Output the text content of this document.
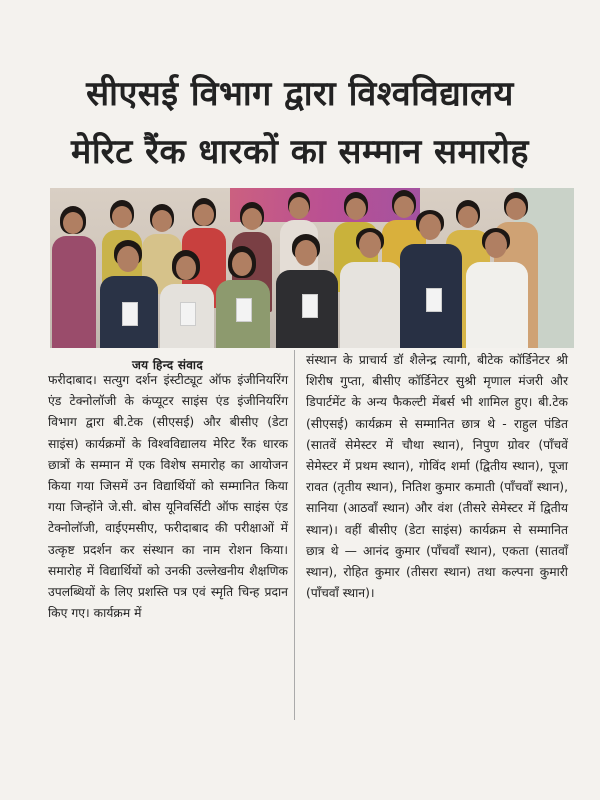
सीएसई विभाग द्वारा विश्वविद्यालय
मेरिट रैंक धारकों का सम्मान समारोह
जय हिन्द संवाद

फरीदाबाद। सत्युग दर्शन इंस्टीट्यूट ऑफ इंजीनियरिंग एंड टेक्नोलॉजी के कंप्यूटर साइंस एंड इंजीनियरिंग विभाग द्वारा बी.टेक (सीएसई) और बीसीए (डेटा साइंस) कार्यक्रमों के विश्वविद्यालय मेरिट रैंक धारक छात्रों के सम्मान में एक विशेष समारोह का आयोजन किया गया जिसमें उन विद्यार्थियों को सम्मानित किया गया जिन्होंने जे.सी. बोस यूनिवर्सिटी ऑफ साइंस एंड टेक्नोलॉजी, वाईएमसीए, फरीदाबाद की परीक्षाओं में उत्कृष्ट प्रदर्शन कर संस्थान का नाम रोशन किया। समारोह में विद्यार्थियों को उनकी उल्लेखनीय शैक्षणिक उपलब्धियों के लिए प्रशस्ति पत्र एवं स्मृति चिन्ह प्रदान किए गए। कार्यक्रम में

संस्थान के प्राचार्य डॉ शैलेन्द्र त्यागी, बीटेक कॉर्डिनेटर श्री शिरीष गुप्ता, बीसीए कॉर्डिनेटर सुश्री मृणाल मंजरी और डिपार्टमेंट के अन्य फैकल्टी मेंबर्स भी शामिल हुए। बी.टेक (सीएसई) कार्यक्रम से सम्मानित छात्र थे - राहुल पंडित (सातवें सेमेस्टर में चौथा स्थान), निपुण ग्रोवर (पाँचवें सेमेस्टर में प्रथम स्थान), गोविंद शर्मा (द्वितीय स्थान), पूजा रावत (तृतीय स्थान), नितिश कुमार कमाती (पाँचवाँ स्थान), सानिया (आठवाँ स्थान) और वंश (तीसरे सेमेस्टर में द्वितीय स्थान)। वहीं बीसीए (डेटा साइंस) कार्यक्रम से सम्मानित छात्र थे — आनंद कुमार (पाँचवाँ स्थान), एकता (सातवाँ स्थान), रोहित कुमार (तीसरा स्थान) तथा कल्पना कुमारी (पाँचवाँ स्थान)।
